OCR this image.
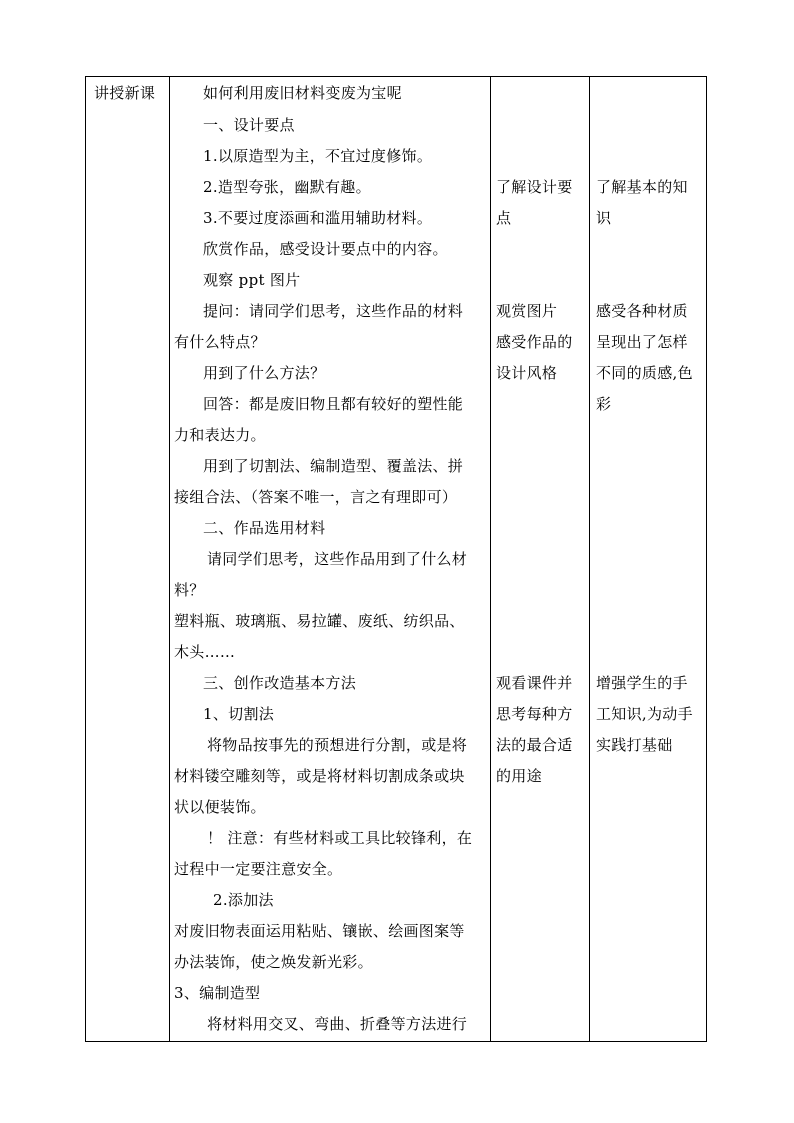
讲授新课	如何利用废旧材料变废为宝呢
一、设计要点
1.以原造型为主，不宜过度修饰。
2.造型夸张，幽默有趣。
3.不要过度添画和滥用辅助材料。
欣赏作品，感受设计要点中的内容。
观察 ppt 图片
提问：请同学们思考，这些作品的材料
有什么特点？
用到了什么方法？
回答：都是废旧物且都有较好的塑性能
力和表达力。
用到了切割法、编制造型、覆盖法、拼
接组合法、（答案不唯一，言之有理即可）
二、作品选用材料
请同学们思考，这些作品用到了什么材
料？
塑料瓶、玻璃瓶、易拉罐、废纸、纺织品、
木头……
三、创作改造基本方法
1、切割法
将物品按事先的预想进行分割，或是将
材料镂空雕刻等，或是将材料切割成条或块
状以便装饰。
！ 注意：有些材料或工具比较锋利，在
过程中一定要注意安全。
2.添加法
对废旧物表面运用粘贴、镶嵌、绘画图案等
办法装饰，使之焕发新光彩。
3、编制造型
将材料用交叉、弯曲、折叠等方法进行
了解设计要
点
观赏图片
感受作品的
设计风格
观看课件并
思考每种方
法的最合适
的用途
了解基本的知
识
感受各种材质
呈现出了怎样
不同的质感,色
彩
增强学生的手
工知识,为动手
实践打基础
